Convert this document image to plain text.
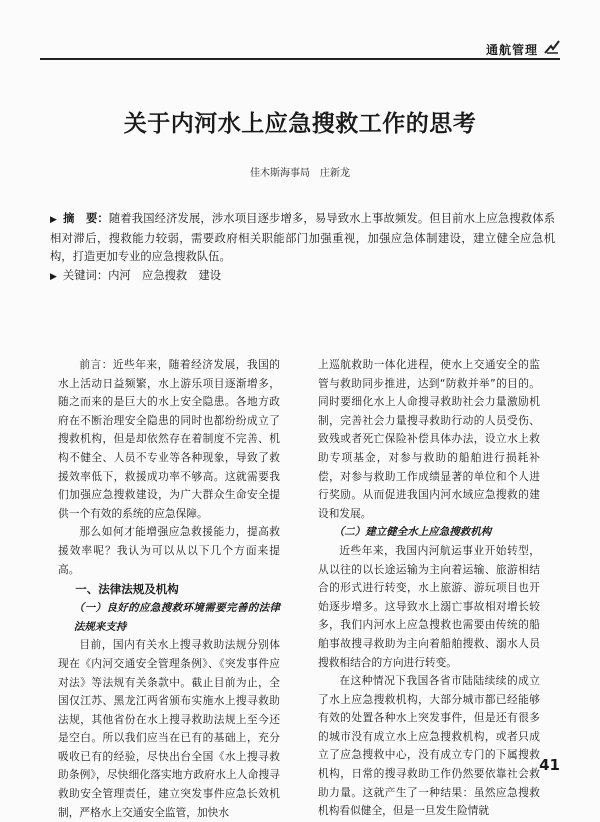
通航管理
关于内河水上应急搜救工作的思考
佳木斯海事局　庄新龙

▶ 摘　要：随着我国经济发展，涉水项目逐步增多，易导致水上事故频发。但目前水上应急搜救体系相对滞后，搜救能力较弱，需要政府相关职能部门加强重视，加强应急体制建设，建立健全应急机构，打造更加专业的应急搜救队伍。

▶ 关键词：内河　应急搜救　建设

前言：近些年来，随着经济发展，我国的水上活动日益频繁，水上游乐项目逐渐增多，随之而来的是巨大的水上安全隐患。各地方政府在不断治理安全隐患的同时也都纷纷成立了搜救机构，但是却依然存在着制度不完善、机构不健全、人员不专业等各种现象，导致了救援效率低下，救援成功率不够高。这就需要我们加强应急搜救建设，为广大群众生命安全提供一个有效的系统的应急保障。

那么如何才能增强应急救援能力，提高救援效率呢？我认为可以从以下几个方面来提高。

一、法律法规及机构
（一）良好的应急搜救环境需要完善的法律法规来支持

目前，国内有关水上搜寻救助法规分别体现在《内河交通安全管理条例》、《突发事件应对法》等法规有关条款中。截止目前为止，全国仅江苏、黑龙江两省颁布实施水上搜寻救助法规，其他省份在水上搜寻救助法规上至今还是空白。所以我们应当在已有的基础上，充分吸收已有的经验，尽快出台全国《水上搜寻救助条例》，尽快细化落实地方政府水上人命搜寻救助安全管理责任，建立突发事件应急长效机制，严格水上交通安全监管，加快水

上巡航救助一体化进程，使水上交通安全的监管与救助同步推进，达到“防救并举”的目的。同时要细化水上人命搜寻救助社会力量激励机制，完善社会力量搜寻救助行动的人员受伤、致残或者死亡保险补偿具体办法，设立水上救助专项基金，对参与救助的船舶进行损耗补偿，对参与救助工作成绩显著的单位和个人进行奖励。从而促进我国内河水域应急搜救的建设和发展。

（二）建立健全水上应急搜救机构

近些年来，我国内河航运事业开始转型，从以往的以长途运输为主向着运输、旅游相结合的形式进行转变，水上旅游、游玩项目也开始逐步增多。这导致水上溺亡事故相对增长较多，我们内河水上应急搜救也需要由传统的船舶事故搜寻救助为主向着船舶搜救、溺水人员搜救相结合的方向进行转变。

在这种情况下我国各省市陆陆续续的成立了水上应急搜救机构，大部分城市都已经能够有效的处置各种水上突发事件，但是还有很多的城市没有成立水上应急搜救机构，或者只成立了应急搜救中心，没有成立专门的下属搜救机构，日常的搜寻救助工作仍然要依靠社会救助力量。这就产生了一种结果：虽然应急搜救机构看似健全，但是一旦发生险情就

41
